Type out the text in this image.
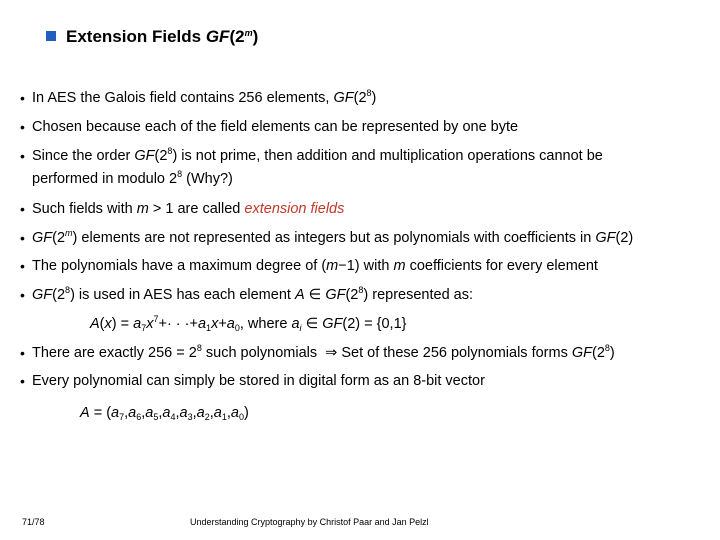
Extension Fields GF(2$^m$)
• In AES the Galois field contains 256 elements, $GF(2^8)$
• Chosen because each of the field elements can be represented by one byte
• Since the order $GF(2^8)$ is not prime, then addition and multiplication operations cannot be
performed in modulo $2^8$ (Why?)
• Such fields with m > 1 are called extension fields
• GF(2$^m$) elements are not represented as integers but as polynomials with coefficients in GF(2)
• The polynomials have a maximum degree of (m−1) with m coefficients for every element
• $GF(2^8)$ is used in AES has each element A ∈ $GF(2^8)$ represented as:
$A(x) = a_7x^7+\cdot \cdot \cdot+a_1x+a_0$, where $a_i$ ∈ GF(2) = {0,1}
• There are exactly $256 = 2^8$ such polynomials  ⇒ Set of these 256 polynomials forms $GF(2^8)$
• Every polynomial can simply be stored in digital form as an 8-bit vector
$A = (a_7,a_6,a_5,a_4,a_3,a_2,a_1,a_0)$
71/78	Understanding Cryptography by Christof Paar and Jan Pelzl
